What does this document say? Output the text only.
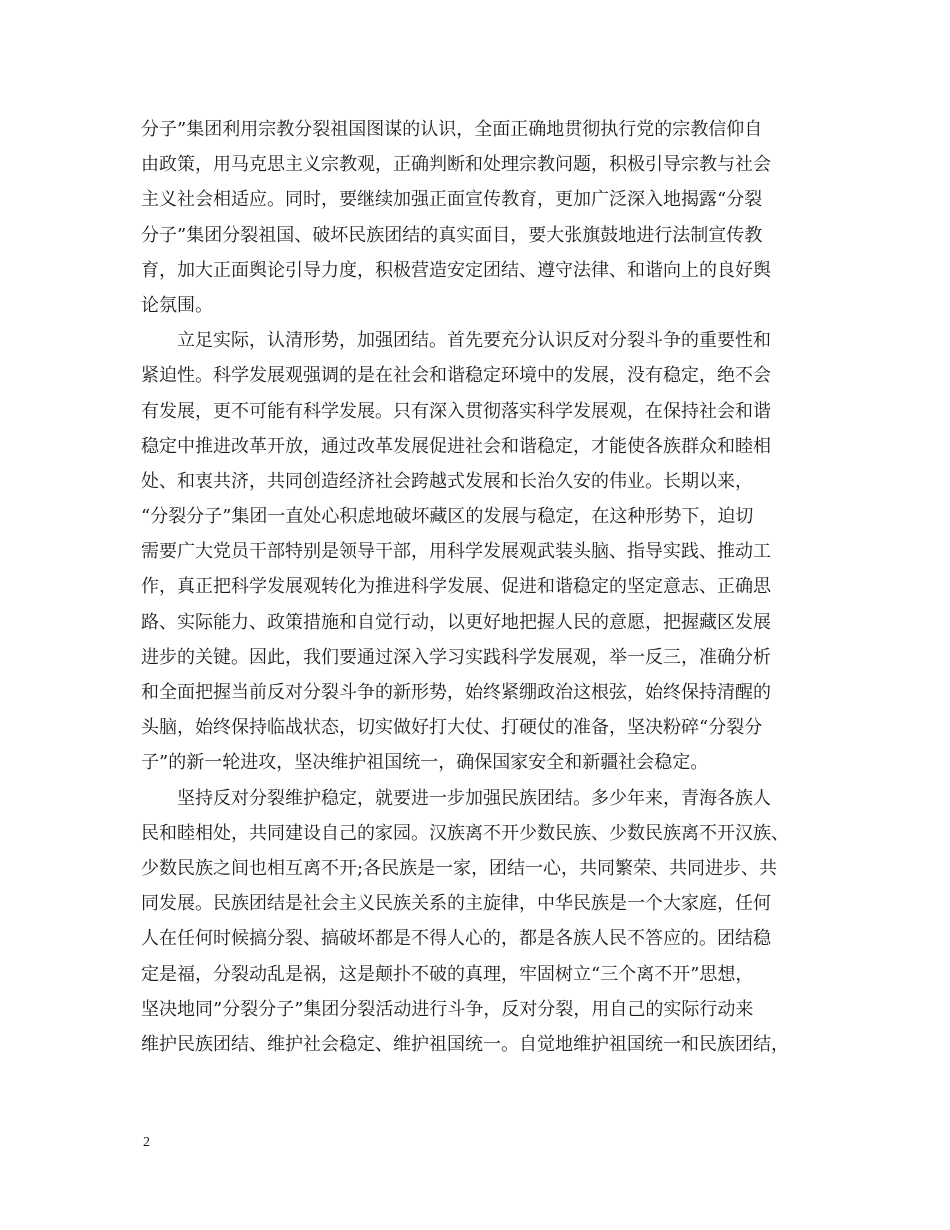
分子”集团利用宗教分裂祖国图谋的认识，全面正确地贯彻执行党的宗教信仰自
由政策，用马克思主义宗教观，正确判断和处理宗教问题，积极引导宗教与社会
主义社会相适应。同时，要继续加强正面宣传教育，更加广泛深入地揭露“分裂
分子”集团分裂祖国、破坏民族团结的真实面目，要大张旗鼓地进行法制宣传教
育，加大正面舆论引导力度，积极营造安定团结、遵守法律、和谐向上的良好舆
论氛围。
　　立足实际，认清形势，加强团结。首先要充分认识反对分裂斗争的重要性和
紧迫性。科学发展观强调的是在社会和谐稳定环境中的发展，没有稳定，绝不会
有发展，更不可能有科学发展。只有深入贯彻落实科学发展观，在保持社会和谐
稳定中推进改革开放，通过改革发展促进社会和谐稳定，才能使各族群众和睦相
处、和衷共济，共同创造经济社会跨越式发展和长治久安的伟业。长期以来，
“分裂分子”集团一直处心积虑地破坏藏区的发展与稳定，在这种形势下，迫切
需要广大党员干部特别是领导干部，用科学发展观武装头脑、指导实践、推动工
作，真正把科学发展观转化为推进科学发展、促进和谐稳定的坚定意志、正确思
路、实际能力、政策措施和自觉行动，以更好地把握人民的意愿，把握藏区发展
进步的关键。因此，我们要通过深入学习实践科学发展观，举一反三，准确分析
和全面把握当前反对分裂斗争的新形势，始终紧绷政治这根弦，始终保持清醒的
头脑，始终保持临战状态，切实做好打大仗、打硬仗的准备，坚决粉碎“分裂分
子”的新一轮进攻，坚决维护祖国统一，确保国家安全和新疆社会稳定。
　　坚持反对分裂维护稳定，就要进一步加强民族团结。多少年来，青海各族人
民和睦相处，共同建设自己的家园。汉族离不开少数民族、少数民族离不开汉族、
少数民族之间也相互离不开;各民族是一家，团结一心，共同繁荣、共同进步、共
同发展。民族团结是社会主义民族关系的主旋律，中华民族是一个大家庭，任何
人在任何时候搞分裂、搞破坏都是不得人心的，都是各族人民不答应的。团结稳
定是福，分裂动乱是祸，这是颠扑不破的真理，牢固树立“三个离不开”思想，
坚决地同”分裂分子”集团分裂活动进行斗争，反对分裂，用自己的实际行动来
维护民族团结、维护社会稳定、维护祖国统一。自觉地维护祖国统一和民族团结，
2
